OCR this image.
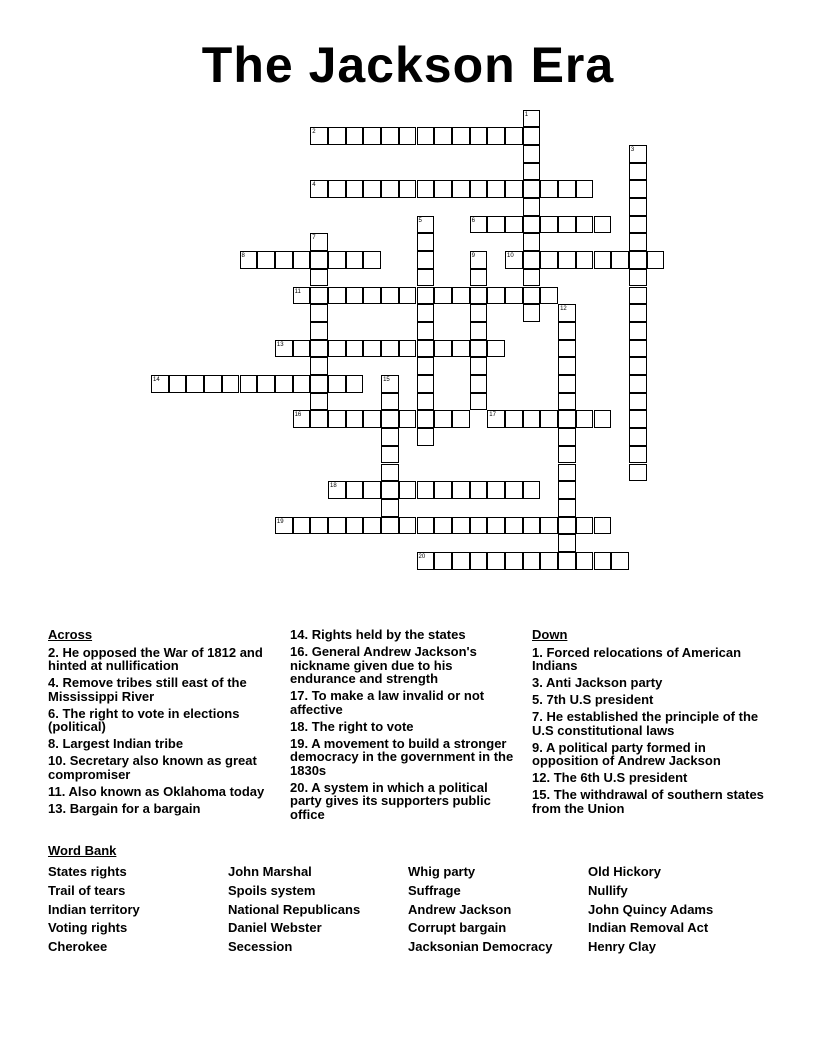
The Jackson Era
1
2
3
4
5	6
7
8	9	10
11
12
13
14	15
16	17
18
19
20
Across
2. He opposed the War of 1812 and hinted at nullification
4. Remove tribes still east of the Mississippi River
6. The right to vote in elections (political)
8. Largest Indian tribe
10. Secretary also known as great compromiser
11. Also known as Oklahoma today
13. Bargain for a bargain
14. Rights held by the states
16. General Andrew Jackson's nickname given due to his endurance and strength
17. To make a law invalid or not affective
18. The right to vote
19. A movement to build a stronger democracy in the government in the 1830s
20. A system in which a political party gives its supporters public office
Down
1. Forced relocations of American Indians
3. Anti Jackson party
5. 7th U.S president
7. He established the principle of the U.S constitutional laws
9. A political party formed in opposition of Andrew Jackson
12. The 6th U.S president
15. The withdrawal of southern states from the Union
Word Bank
States rights
Trail of tears
Indian territory
Voting rights
Cherokee
John Marshal
Spoils system
National Republicans
Daniel Webster
Secession
Whig party
Suffrage
Andrew Jackson
Corrupt bargain
Jacksonian Democracy
Old Hickory
Nullify
John Quincy Adams
Indian Removal Act
Henry Clay
